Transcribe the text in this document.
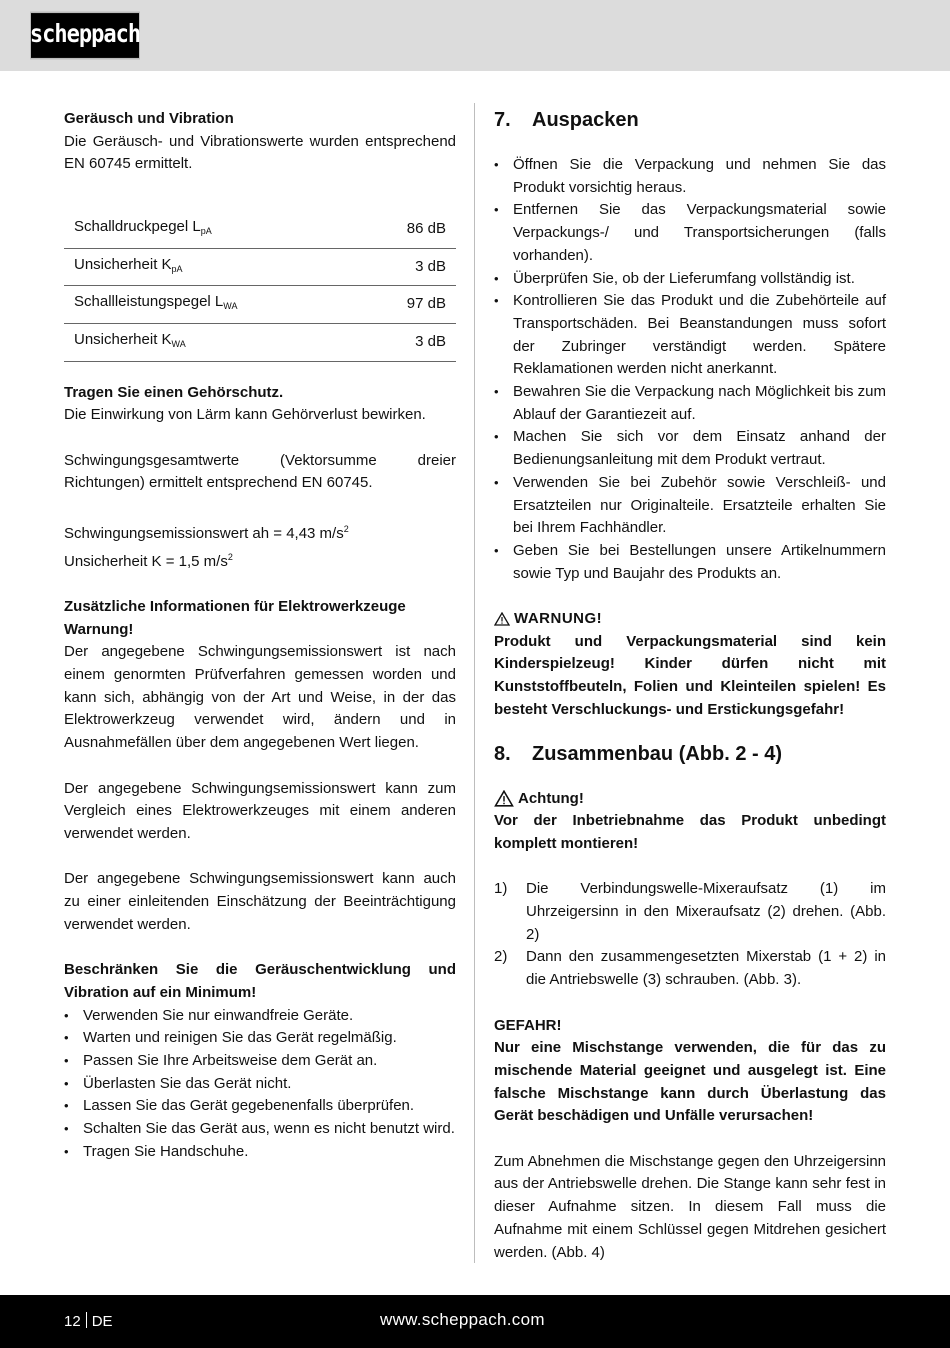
scheppach

Geräusch und Vibration

Die Geräusch- und Vibrationswerte wurden entsprechend EN 60745 ermittelt.

Schalldruckpegel $L_{pA}$	86 dB
Unsicherheit $K_{pA}$	3 dB
Schallleistungspegel $L_{WA}$	97 dB
Unsicherheit $K_{WA}$	3 dB

Tragen Sie einen Gehörschutz.

Die Einwirkung von Lärm kann Gehörverlust bewirken.

Schwingungsgesamtwerte (Vektorsumme dreier Richtungen) ermittelt entsprechend EN 60745.

Schwingungsemissionswert ah = 4,43 $m/s^2$

Unsicherheit K = 1,5 $m/s^2$

Zusätzliche Informationen für Elektrowerkzeuge

Warnung!

Der angegebene Schwingungsemissionswert ist nach einem genormten Prüfverfahren gemessen worden und kann sich, abhängig von der Art und Weise, in der das Elektrowerkzeug verwendet wird, ändern und in Ausnahmefällen über dem angegebenen Wert liegen.

Der angegebene Schwingungsemissionswert kann zum Vergleich eines Elektrowerkzeuges mit einem anderen verwendet werden.

Der angegebene Schwingungsemissionswert kann auch zu einer einleitenden Einschätzung der Beeinträchtigung verwendet werden.

Beschränken Sie die Geräuschentwicklung und Vibration auf ein Minimum!

• Verwenden Sie nur einwandfreie Geräte.
• Warten und reinigen Sie das Gerät regelmäßig.
• Passen Sie Ihre Arbeitsweise dem Gerät an.
• Überlasten Sie das Gerät nicht.
• Lassen Sie das Gerät gegebenenfalls überprüfen.
• Schalten Sie das Gerät aus, wenn es nicht benutzt wird.
• Tragen Sie Handschuhe.
7.	Auspacken
• Öffnen Sie die Verpackung und nehmen Sie das Produkt vorsichtig heraus.
• Entfernen Sie das Verpackungsmaterial sowie Verpackungs-/ und Transportsicherungen (falls vorhanden).
• Überprüfen Sie, ob der Lieferumfang vollständig ist.
• Kontrollieren Sie das Produkt und die Zubehörteile auf Transportschäden. Bei Beanstandungen muss sofort der Zubringer verständigt werden. Spätere Reklamationen werden nicht anerkannt.
• Bewahren Sie die Verpackung nach Möglichkeit bis zum Ablauf der Garantiezeit auf.
• Machen Sie sich vor dem Einsatz anhand der Bedienungsanleitung mit dem Produkt vertraut.
• Verwenden Sie bei Zubehör sowie Verschleiß- und Ersatzteilen nur Originalteile. Ersatzteile erhalten Sie bei Ihrem Fachhändler.
• Geben Sie bei Bestellungen unsere Artikelnummern sowie Typ und Baujahr des Produkts an.

WARNUNG!

Produkt und Verpackungsmaterial sind kein Kinderspielzeug! Kinder dürfen nicht mit Kunststoffbeuteln, Folien und Kleinteilen spielen! Es besteht Verschluckungs- und Erstickungsgefahr!

8.	Zusammenbau (Abb. 2 - 4)

Achtung!

Vor der Inbetriebnahme das Produkt unbedingt komplett montieren!

1) Die Verbindungswelle-Mixeraufsatz (1) im Uhrzeigersinn in den Mixeraufsatz (2) drehen. (Abb. 2)
2) Dann den zusammengesetzten Mixerstab (1 + 2) in die Antriebswelle (3) schrauben. (Abb. 3).

GEFAHR!

Nur eine Mischstange verwenden, die für das zu mischende Material geeignet und ausgelegt ist. Eine falsche Mischstange kann durch Überlastung das Gerät beschädigen und Unfälle verursachen!

Zum Abnehmen die Mischstange gegen den Uhrzeigersinn aus der Antriebswelle drehen. Die Stange kann sehr fest in dieser Aufnahme sitzen. In diesem Fall muss die Aufnahme mit einem Schlüssel gegen Mitdrehen gesichert werden. (Abb. 4)

12 DE	www.scheppach.com
